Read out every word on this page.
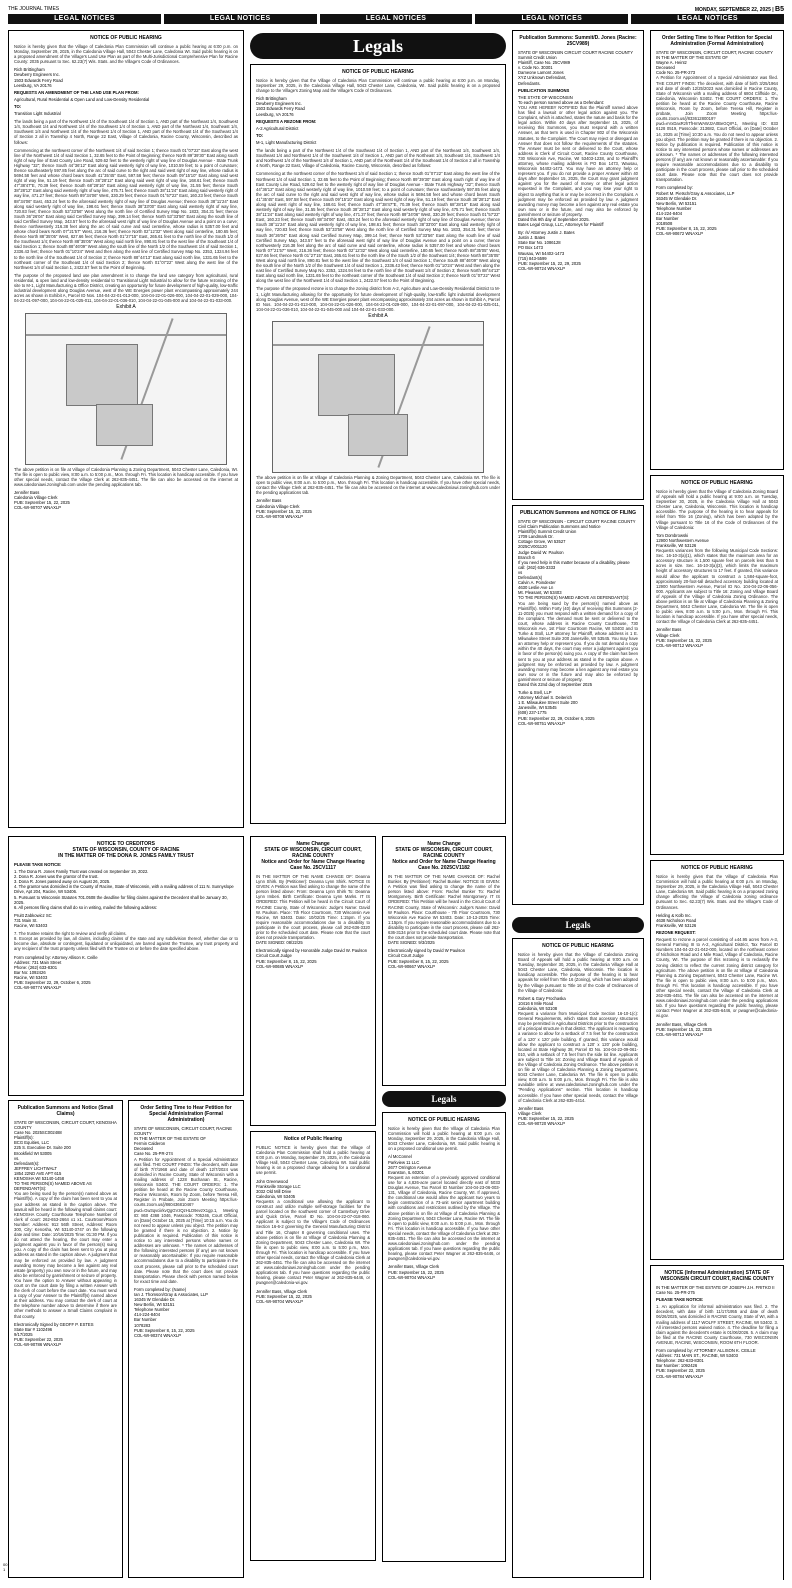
THE JOURNAL TIMES	MONDAY, SEPTEMBER 22, 2025 | B5
LEGAL NOTICES	LEGAL NOTICES	LEGAL NOTICES	LEGAL NOTICES	LEGAL NOTICES
NOTICE OF PUBLIC HEARING
Notice is hereby given that the Village of Caledonia Plan Commission will continue a public hearing at 6:00 p.m. on Monday, September 29, 2025, in the Caledonia Village Hall, 5043 Chester Lane, Caledonia WI. Said public hearing is on a proposed amendment of the Village's Land Use Plan as part of the Multi-Jurisdictional Comprehensive Plan for Racine County: 2035 pursuant to Sec. 62.23(7) Wis. Stats. and the Village's Code of Ordinances.
Rich Brittingham
Dewberry Engineers Inc.
1503 Edwards Ferry Road
Leesburg, VA 20176
REQUESTS AN AMENDMENT OF THE LAND USE PLAN FROM:
Agricultural, Rural Residential & Open Land and Low-Density Residential
TO:
Transition Light Industrial
The lands being a part of the Northwest 1/4 of the Southeast 1/4 of Section 1, AND part of the Northeast 1/4, Southwest 1/4, Southeast 1/4 and Northwest 1/4 of the Southwest 1/4 of Section 1, AND part of the Northeast 1/4, Southeast 1/4, Southwest 1/4 and Northwest 1/4 of the Northwest 1/4 of Section 1, AND part of the Northeast 1/4 of the Southeast 1/4 of Section 2 all in Township 4 North, Range 22 East, Village of Caledonia, Racine County, Wisconsin, described as follows:
Commencing at the northwest corner of the Northwest 1/4 of said Section 1; thence South 01°07'22" East along the west line of the Northwest 1/4 of said Section 1, 32.65 feet to the Point of Beginning; thence North 89°39'30" East along south right of way line of East County Line Road, 529.62 feet to the westerly right of way line of Douglas Avenue - State Trunk Highway "32"; thence South 44°36'12" East along said westerly right of way line, 1010.59 feet; to a point of curvature; thence southeasterly 597.85 feet along the arc of said curve to the right and said west right of way line, whose radius is 5694.58 feet and whose chord bears South 41°35'45" East, 597.58 feet; thence South 09°15'10" East along said west right of way line, 51.19 feet; thence South 38°28'12" East along said west right of way line, 168.61 feet; thence South 47°38'47"E, 70.39 feet; thence South 68°28'16" East along said westerly right of way line, 31.55 feet; thence South 38°28'12" East along said westerly right of way line, 475.71 feet; thence South 38°11'24" East along said westerly right of way line, 471.27 feet; thence North 89°34'06" West, 330.29 feet; thence South 01°57'22" East, 160.23 feet; thence South 88°34'06" East, 453.24 feet to the aforesaid westerly right of way line of Douglas Avenue; thence South 38°11'24" East along said westerly right of way line, 198.61 feet; thence South 38°33'00" East along said westerly right of way line, 720.83 feet; thence South 53°33'56" West along the north line of Certified Survey Map No. 1833, 354.31 feet; thence South 36°26'04" East along said Certified Survey Map, 399.14 feet; thence North 53°33'56" East along the south line of said Certified Survey Map, 343.57 feet to the aforesaid west right of way line of Douglas Avenue and a point on a curve; thence northwesterly 216.38 feet along the arc of said curve and said centerline, whose radius is 5357.00 feet and whose chord bears North 07°21'57" West, 216.36 feet; thence North 02°12'32" West along said centerline, 180.65 feet; thence North 88°35'05" West, 827.66 feet; thence North 01°27'15" East, 265.61 feet to the north line of the South 1/2 of the Southeast 1/4; thence North 88°35'05" West along said north line, 890.81 feet to the west line of the Southeast 1/4 of said Section 1; thence South 88°46'09" West along the south line of the North 1/2 of the Southwest 1/4 of said Section 1, 2336.43 feet; thence North 01°10'24" West and then along the east line of Certified Survey Map No. 2353, 1324.94 feet to the north line of the Southeast 1/4 of Section 2; thence North 88°44'13" East along said north line, 1331.65 feet to the northeast corner of the Southeast 1/4 of said Section 2; thence North 01°07'22" West along the west line of the Northwest 1/4 of said Section 1, 2422.57 feet to the Point of Beginning.
The purpose of the proposed land use plan amendment is to change the land use category from agricultural, rural residential, & open land and low-density residential to Transitional Light Industrial to allow for the future rezoning of the site to M-1, Light Manufacturing & Office District, creating an opportunity for future development of high-quality, low-traffic industrial development along Douglas Avenue, west of the WE Energies power plant encompassing approximately 244 acres as shown in Exhibit A, Parcel ID Nos. 104-04-22-01-013-000, 104-04-22-01-026-000, 104-04-22-01-029-000, 104-04-22-01-097-000, 104-04-22-01-025-011, 104-04-22-01-036-010, 104-04-22-01-045-000 and 104-04-22-01-033-000.
Exhibit A
The above petition is on file at Village of Caledonia Planning & Zoning Department, 5043 Chester Lane, Caledonia, WI. The file is open to public view, 8:00 a.m. to 5:00 p.m., Mon. through Fri. This location is handicap accessible. If you have other special needs, contact the Village Clerk at 262-835-4451. The file can also be accessed on the internet at www.caledoniawi.zoninghub.com under the pending applications tab.
Jennifer Bass
Caledonia Village Clerk
PUB: September 15, 22, 2025
COL-WI-90707 WNAXLP
Legals
NOTICE OF PUBLIC HEARING
Notice is hereby given that the Village of Caledonia Plan Commission will continue a public hearing at 6:00 p.m. on Monday, September 29, 2025, in the Caledonia Village Hall, 5043 Chester Lane, Caledonia, WI. Said public hearing is on a proposed change to the Village's Zoning Map and the Village's Code of Ordinances.
Rich Brittingham
Dewberry Engineers Inc.
1503 Edwards Ferry Road
Leesburg, VA 20176
REQUESTS A REZONE FROM:
A-2 Agricultural District
TO:
M-1, Light Manufacturing District
The lands being a part of the Northwest 1/4 of the Southeast 1/4 of Section 1, AND part of the Northeast 1/4, Southwest 1/4, Southeast 1/4 and Northwest 1/4 of the Southwest 1/4 of Section 1, AND part of the Northeast 1/4, Southeast 1/4, Southwest 1/4 and Northwest 1/4 of the Northwest 1/4 of Section 1, AND part of the Northeast 1/4 of the Southeast 1/4 of Section 2 all in Township 4 North, Range 22 East, Village of Caledonia, Racine County, Wisconsin, described as follows:
Commencing at the northwest corner of the Northwest 1/4 of said Section 1; thence South 01°07'22" East along the west line of the Northwest 1/4 of said Section 1, 32.65 feet to the Point of Beginning; thence North 89°39'30" East along south right of way line of East County Line Road, 529.62 feet to the westerly right of way line of Douglas Avenue - State Trunk Highway "32"; thence South 44°36'12" East along said westerly right of way line, 1010.59 feet; to a point of curvature; thence southeasterly 597.85 feet along the arc of said curve to the right and said west right of way line, whose radius is 5694.58 feet and whose chord bears South 41°35'45" East, 597.58 feet; thence South 09°15'10" East along said west right of way line, 51.19 feet; thence South 38°28'12" East along said west right of way line, 168.61 feet; thence South 47°38'47"E, 70.39 feet; thence South 68°28'16" East along said westerly right of way line, 31.55 feet; thence South 38°28'12" East along said westerly right of way line, 475.71 feet; thence South 38°11'24" East along said westerly right of way line, 471.27 feet; thence North 89°34'06" West, 330.29 feet; thence South 01°57'22" East, 160.23 feet; thence South 88°34'06" East, 453.24 feet to the aforesaid westerly right of way line of Douglas Avenue; thence South 38°11'24" East along said westerly right of way line, 198.61 feet; thence South 38°33'00" East along said westerly right of way line, 720.83 feet; thence South 53°33'56" West along the north line of Certified Survey Map No. 1833, 354.31 feet; thence South 36°26'04" East along said Certified Survey Map, 399.14 feet; thence North 53°33'56" East along the south line of said Certified Survey Map, 343.57 feet to the aforesaid west right of way line of Douglas Avenue and a point on a curve; thence northwesterly 216.38 feet along the arc of said curve and said centerline, whose radius is 5357.00 feet and whose chord bears North 07°21'57" West, 216.36 feet; thence North 02°12'32" West along said centerline, 180.65 feet; thence North 88°35'05" West, 827.66 feet; thence North 01°27'15" East, 265.61 feet to the north line of the South 1/2 of the Southeast 1/4; thence North 88°35'05" West along said north line, 890.81 feet to the west line of the Southeast 1/4 of said Section 1; thence South 88°46'09" West along the south line of the North 1/2 of the Southwest 1/4 of said Section 1, 2336.43 feet; thence North 01°10'24" West and then along the east line of Certified Survey Map No. 2353, 1324.94 feet to the north line of the Southeast 1/4 of Section 2; thence North 88°44'13" East along said north line, 1331.65 feet to the northeast corner of the Southeast 1/4 of said Section 2; thence North 01°07'22" West along the west line of the Northwest 1/4 of said Section 1, 2422.57 feet to the Point of Beginning.
The purpose of the proposed rezone is to change the zoning district from A-2, Agriculture and Low-Density Residential District to M-1, Light Manufacturing allowing for the opportunity for future development of high-quality, low-traffic light industrial development along Douglas Avenue, west of the WE Energies power plant encompassing approximately 244 acres as shown in Exhibit A, Parcel ID Nos. 104-04-22-01-013-000, 104-04-22-01-026-000, 104-04-22-01-029-000, 104-04-22-01-097-000, 104-04-22-01-025-011, 104-04-22-01-036-010, 104-04-22-01-045-000 and 104-04-22-01-033-000.
Exhibit A
The above petition is on file at Village of Caledonia Planning & Zoning Department, 5043 Chester Lane, Caledonia WI. The file is open to public view, 8:00 a.m. to 5:00 p.m., Mon. through Fri. This location is handicap accessible. If you have other special needs, contact the Village Clerk at 262-835-4451. The file can also be accessed on the internet at www.caledoniawi.zoninghub.com under the pending applications tab.
Jennifer Bass
Caledonia Village Clerk
PUB: September 15, 22, 2025
COL-WI-90708 WNAXLP
Publication Summons: Summit/D. Jones (Racine: 25CV989)
STATE OF WISCONSIN CIRCUIT COURT RACINE COUNTY
Summit Credit Union
Plaintiff, Case No. 25CV989
v. Code No. 30301
Dameone Lamont Jones
XYZ Unknown Defendant,
Defendants.
PUBLICATION SUMMONS
THE STATE OF WISCONSIN
To each person named above as a Defendant:
YOU ARE HEREBY NOTIFIED that the Plaintiff named above has filed a lawsuit or other legal action against you. The Complaint, which is attached, states the nature and basis for the legal action. Within 40 days after September 15, 2025, of receiving this Summons, you must respond with a written Answer, as that term is used in Chapter 802 of the Wisconsin Statutes, to the Complaint. The Court may reject or disregard an Answer that does not follow the requirements of the statutes. The Answer must be sent or delivered to the Court, whose address is Clerk of Circuit Court, Racine County Courthouse, 730 Wisconsin Ave, Racine, WI 53403-1238, and to Plaintiff's attorney, whose mailing address is PO Box 1473, Wausau, Wisconsin 54402-1473. You may have an attorney help or represent you. If you do not provide a proper Answer within 40 days after September 15, 2025, the Court may grant judgment against you for the award of money or other legal action requested in the Complaint, and you may lose your right to object to anything that is or may be incorrect in the Complaint. A judgment may be enforced as provided by law. A judgment awarding money may become a lien against any real estate you own now or in the future, and may also be enforced by garnishment or seizure of property.
Dated this 9th day of September 2025.
Bates Legal Group, LLC, Attorneys for Plaintiff
By: /s/ Attorney Justin J. Bates
Justin J. Bates
State Bar No. 1086128
PO Box 1473
Wausau, WI 54402-1473
(715) 843-5599
PUB: September 15, 22, 29, 2025
COL-WI-90724 WNAXLP
PUBLICATION Summons and NOTICE OF FILING
STATE OF WISCONSIN - CIRCUIT COURT RACINE COUNTY
Civil Claim Publication Summons and Notice
Plaintiff(s) Summit Credit Union
1709 Landmark Dr.
Cottage Grove, WI 53527
2025CV001120
Judge David W. Paulson
Branch 6
If you need help in this matter because of a disability, please call: (262) 636-3333
vs
Defendant(s)
Calvin A. Poindexter
4630 Leslie Ave Ln
Mt. Pleasant, WI 53403
TO THE PERSON(S) NAMED ABOVE AS DEFENDANT(S):
You are being sued by the person(s) named above as Plaintiff(s). Within Forty (40) days of receiving this Summons (2-11-2025) you must respond with a written demand for a copy of the complaint. The demand must be sent or delivered to the court, whose address is Racine County Courthouse, 730 Wisconsin Ave, 1st Floor Courtroom Racine, WI 53403 and to Turke & Stoll, LLP attorney for Plaintiff, whose address is 1 E. Milwaukee Street Suite 200 Janesville, WI 53545. You may have an attorney help or represent you. If you do not demand a copy within the 40 days, the court may enter a judgment against you in favor of the person(s) suing you. A copy of the claim has been sent to you at your address as stated in the caption above. A judgment may be enforced as provided by law. A judgment awarding money may become a lien against any real estate you own now or in the future and may also be enforced by garnishment or seizure of property.
Dated this 22nd day of September 2025
Turke & Stell, LLP
Attorney Michael S. Deiterich
1 E. Milwaukee Street Suite 200
Janesville, WI 53545
(608) 237-1775
PUB: September 22, 29, October 6, 2025
COL-WI-90751 WNAXLP
Order Setting Time to Hear Petition for Special Administration (Formal Administration)
STATE OF WISCONSIN, CIRCUIT COURT, RACINE COUNTY
IN THE MATTER OF THE ESTATE OF
Wayne A. Heintz
Deceased
Code No. 25-PR-273
A Petition for Appointment of a Special Administrator was filed. THE COURT FINDS: The decedent, with date of birth 3/25/1964 and date of death 12/25/2023 was domiciled in Racine County, State of Wisconsin with a mailing address of 6804 Cliffside Dr., Caledonia, Wisconsin 53402. THE COURT ORDERS: 1. The petition be heard at the Racine County Courthouse, Racine Wisconsin, Room by Zoom, before Teresa Hill, Register in probate, Join Zoom Meeting https://us-courts.zoom.us/j/83361280019?pwd=eVxDaxRzhTfHmWAWJzA0BeGQrP.1, Meeting ID: 833 6128 0519, Passcode: 213682, Court Official, on [Date] October 14, 2025 at [Time] 10:30 a.m. You do not need to appear unless you object. The petition may be granted if there is no objection. 2. Notice by publication is required. Publication of this notice is notice to any interested persons whose names or addresses are unknown. * The names or addresses of the following interested persons (if any) are not known or reasonably ascertainable: If you require reasonable accommodations due to a disability to participate in the court process, please call prior to the scheduled court date. Please note that the court does not provide transportation.
Form completed by:
Robert M. Pietsch/Gray & Associates, LLP
16345 W Glendale Dr.
New Berlin, WI 53151
Telephone Number
414-224-8404
Bar Number
1018508
PUB: September 8, 15, 22, 2025
COL-WI-90672 WNAXLP
NOTICE OF PUBLIC HEARING
Notice is hereby given that the Village of Caledonia Zoning Board of Appeals will hold a public hearing at 9:00 a.m. on Tuesday, September 30, 2025, in the Caledonia Village Hall at 5043 Chester Lane, Caledonia, Wisconsin. This location is handicap accessible. The purpose of the hearing is to hear appeals for relief from Title 16 (Zoning), which has been adopted by the Village pursuant to Title 16 of the Code of Ordinances of the Village of Caledonia:
Tom Dombrowski
12900 Northwestern Avenue
Franksville, WI 53126
Requests variances from the following Municipal Code Sections: Sec. 16-10-3(a)(1), which states that the maximum area for an accessory structure is 1,500 square feet on parcels less than 5 acres in size. Sec. 16-10-3(a)(3), which limits the maximum height of accessory structures to 17 feet. If granted, this variance would allow the applicant to construct a 1,584-square-foot, approximately 20-foot-tall detached accessory building located at 12900 Northwestern Avenue, Parcel ID No. 104-04-22-06-056-000. Applicants are subject to Title 16: Zoning and Village Board of Appeals of the Village of Caledonia Zoning Ordinance. The above petition is on file at Village of Caledonia Planning & Zoning Department, 5043 Chester Lane, Caledonia WI. The file is open to public view, 8:00 a.m. to 5:00 p.m., Mon. through Fri. This location is handicap accessible. If you have other special needs, contact the Village of Caledonia Clerk at 262-835-4451.
Jennifer Bass
Village Clerk
PUB: September 15, 22, 2025
COL-WI-90712 WNAXLP
NOTICE OF PUBLIC HEARING
Notice is hereby given that the Village of Caledonia Plan Commission will hold a public hearing at 6:00 p.m. on Monday, September 29, 2025, in the Caledonia Village Hall, 5043 Chester Lane, Caledonia WI. Said public hearing is on a proposed zoning change affecting the Village of Caledonia zoning ordinance pursuant to Sec. 62.23(7) Wis. Stats. and the Village's Code of Ordinances.
Helding & Kolb Inc.
4638 Nicholson Road
Franksville, WI 53126
REZONE REQUEST:
Request to rezone a parcel consisting of ±44.95 acres from A-3, General Farming III to A-2, Agricultural District, Tax Parcel ID Numbers 104-04-22-21-042-000, located on the northeast corner of Nicholson Road and 4 Mile Road, Village of Caledonia, Racine County, WI. The purpose of this rezoning is to reclassify the zoning district to reflect the current zoning district category for agriculture. The above petition is on file at Village of Caledonia Planning & Zoning Department, 5043 Chester Lane, Racine WI. The file is open to public view, 8:00 a.m. to 5:00 p.m., Mon. through Fri. This location is handicap accessible. If you have other special needs, contact the Village of Caledonia Clerk at 262-835-4451. The file can also be accessed on the internet at www.caledoniawi.zoninghub.com under the pending applications tab. If you have questions regarding the public hearing, please contact Peter Wagner at 262-835-6446, or pwagner@caledonia-wi.gov.
Jennifer Bass, Village Clerk
PUB: September 15, 22, 2025
COL-WI-90713 WNAXLP
NOTICE (Informal Administration) STATE OF WISCONSIN CIRCUIT COURT, RACINE COUNTY
IN THE MATTER OF THE ESTATE OF JOSEPH J.H. FRITKO II
Case No. 25-PR-275
PLEASE TAKE NOTICE:
1. An application for informal administration was filed. 2. The decedent, with date of birth 11/17/1955 and date of death 06/26/2025, was domiciled in RACINE County, State of WI, with a mailing address of 1117 WOLFF STREET, RACINE, WI 53402. 3. All interested persons waived notice. 4. The deadline for filing a claim against the decedent's estate is 01/06/2026. 5. A claim may be filed at the RACINE County Courthouse, 730 WISCONSIN AVENUE, RACINE, WISCONSIN, ROOM 6TH FLOOR.
Form completed by: ATTORNEY ALLISON K. CEILLE
Address: 731 MAIN ST., RACINE, WI 53403
Telephone: 262-633-8301
Bar Number: 1092426
PUB: September 22, 2025
COL-WI-90784 WNAXLP
NOTICE TO CREDITORS
STATE OF WISCONSIN, COUNTY OF RACINE
IN THE MATTER OF THE DONA R. JONES FAMILY TRUST
PLEASE TAKE NOTICE:
1. The Dona R. Jones Family Trust was created on September 19, 2022.
2. Dona R. Jones was the grantor of the trust.
3. Dona R. Jones passed away on August 26, 2025.
4. The grantor was domiciled in the County of Racine, State of Wisconsin, with a mailing address of 111 N. Sunnyslope Drive, Apt 204, Racine, WI 53406.
5. Pursuant to Wisconsin Statutes 701.0508 the deadline for filing claims against the Decedent shall be January 30, 2025.
6. All persons filing claims shall do so in writing, mailed the following address:
Pruitt Zabkowicz SC
731 Main St.
Racine, WI 53403
7. The trustee retains the right to review and verify all claims.
8. Except as provided by law, all claims, including claims of the state and any subdivision thereof, whether due or to become due, absolute or contingent, liquidated or unliquidated, are barred against the Trustee, any trust property and any recipient of the trust property unless filed with the Trustee on or before the date specified above.
Form completed by: Attorney Allison K. Ceille
Address: 731 Main Street
Phone: (262) 633-8301
Bar No: 1092426
Racine, WI 53403
PUB: September 22, 29, October 6, 2025
COL-WI-90774 WNAXLP
Name Change
STATE OF WISCONSIN, CIRCUIT COURT, RACINE COUNTY
Notice and Order for Name Change Hearing
Case No. 25CV1117
IN THE MATTER OF THE NAME CHANGE OF: Deanna Lynn Shirk. By (Petitioner): Deanna Lynn Shirk. NOTICE IS GIVEN: A Petition was filed asking to change the name of the person listed above: From: Deanna Lynn Shirk To: Deanna Lynn Imberi. Birth Certificate: Deanna Lynn Marks. IT IS ORDERED: This Petition will be heard in the Circuit Court of RACINE County, State of Wisconsin: Judge's Name: David W. Paulson. Place: 7th Floor Courtroom, 730 Wisconsin Ave Racine, WI 53403. Date: 10/02/25 Time: 1:15pm. If you require reasonable accommodations due to a disability to participate in the court process, please call 262-636-3320 prior to the scheduled court date. Please note that the court does not provide transportation.
DATE SIGNED: 08/22/25
Electronically signed by Honorable Judge David W. Paulson
Circuit Court Judge
PUB: September 8, 15, 22, 2025
COL-WI-90685 WNAXLP
Notice of Public Hearing
PUBLIC NOTICE is hereby given that the Village of Caledonia Plan Commission shall hold a public hearing at 6:00 p.m. on Monday, September 29, 2025, in the Caledonia Village Hall, 5043 Chester Lane, Caledonia WI. Said public hearing is on a proposed change allowing for a conditional use permit.
John Greenwood
Franksville Storage LLC
3032 Old Mill Drive
Caledonia, WI 53405
Requests a conditional use allowing the applicant to construct and utilize multiple self-storage facilities for the parcel located on the southwest corner of Canterbury Drive and Quick Drive, Parcel ID No. 104-04-22-07-018-060. Applicant is subject to the Village's Code of Ordinances Section 16-6-2 governing the General Manufacturing District and Title 16, Chapter 8 governing conditional uses. The above petition is on file at Village of Caledonia Planning & Zoning Department, 5043 Chester Lane, Caledonia WI. The file is open to public view, 8:00 a.m. to 5:00 p.m., Mon. through Fri. This location is handicap accessible. If you have other special needs, contact the Village of Caledonia Clerk at 262-835-4451. The file can also be accessed on the internet at www.caledoniawi.zoninghub.com under the pending applications tab. If you have questions regarding the public hearing, please contact Peter Wagner at 262-835-6446, or pwagner@caledonia-wi.gov.
Jennifer Bass, Village Clerk
PUB: September 15, 22, 2025
COL-WI-90704 WNAXLP
Name Change
STATE OF WISCONSIN, CIRCUIT COURT, RACINE COUNTY
Notice and Order for Name Change Hearing
Case No. 2025CV1182
IN THE MATTER OF THE NAME CHANGE OF: Rachel Bunker. By (Petitioner): Rachel Bunker. NOTICE IS GIVEN: A Petition was filed asking to change the name of the person listed above: From: Rachel Bunker To: Rachel Montgomery. Birth Certificate: Rachel Montgomery. IT IS ORDERED: This Petition will be heard in the Circuit Court of RACINE County, State of Wisconsin: Judge's Name: David W Paulson. Place: Courthouse - 7th Floor Courtroom, 730 Wisconsin Ave Racine WI 53403. Date: 10-13-2025 Time: 1:15pm. If you require reasonable accommodations due to a disability to participate in the court process, please call 262-636-3134 prior to the scheduled court date. Please note that the court does not provide transportation.
DATE SIGNED: 9/3/2025
Electronically signed by David W Paulson
Circuit Court Judge
PUB: September 8, 15, 22, 2025
COL-WI-90667 WNAXLP
Legals
NOTICE OF PUBLIC HEARING
Notice is hereby given that the Village of Caledonia Plan Commission will hold a public hearing at 6:00 p.m. on Monday, September 29, 2025, in the Caledonia Village Hall, 5043 Chester Lane, Caledonia, WI. Said public hearing is on a proposed conditional use permit.
Al McConnel
Parkview 11 LLC
2677 Orrington Avenue
Evanston, IL 60201
Request an extension of a previously approved conditional use for a 4,826-acre parcel located directly east of 5033 Douglas Avenue, Tax Parcel ID Number 104-04-23-06-003-131, Village of Caledonia, Racine County, WI. If approved, the conditional use would allow the applicant two years to begin construction of a 73-unit senior apartment building with conditions and restrictions outlined by the Village. The above petition is on file at Village of Caledonia Planning & Zoning Department, 5043 Chester Lane, Racine WI. The file is open to public view, 8:00 a.m. to 5:00 p.m., Mon. through Fri. This location is handicap accessible. If you have other special needs, contact the Village of Caledonia Clerk at 262-835-4451. The file can also be accessed on the internet at www.caledoniawi.zoninghub.com under the pending applications tab. If you have questions regarding the public hearing, please contact Peter Wagner at 262-835-6446, or pwagner@caledonia-wi.gov.
Jennifer Bass, Village Clerk
PUB: September 15, 22, 2025
COL-WI-90704 WNAXLP
Legals
NOTICE OF PUBLIC HEARING
Notice is hereby given that the Village of Caledonia Zoning Board of Appeals will hold a public hearing at 9:00 a.m. on Tuesday, September 30, 2025, in the Caledonia Village Hall at 5043 Chester Lane, Caledonia, Wisconsin. The location is handicap accessible. The purpose of the hearing is to hear appeals for relief from Title 16 (Zoning), which has been adopted by the Village pursuant to Title 16 of the Code of Ordinances of the Village of Caledonia:
Robert & Gary Prochaska
10416 6 Mile Road
Caledonia, WI 53108
Request a variance from Municipal Code Section 16-10-1(c): General Requirements, which states that accessory structures may be permitted in Agricultural Districts prior to the construction of a principal structure in that district. The applicant is requesting a variance to allow for a setback of 7.5 feet for the construction of a 120' x 120' pole building. If granted, this variance would allow the applicant to construct a 120' x 120' pole building, located at State Highway 38, Parcel ID No. 104-04-22-09-061-010, with a setback of 7.5 feet from the side lot line. Applicants are subject to Title 16: Zoning and Village Board of Appeals of the Village of Caledonia Zoning Ordinance. The above petition is on file at Village of Caledonia Planning & Zoning Department, 5043 Chester Lane, Caledonia WI. The file is open to public view, 8:00 a.m. to 5:00 p.m., Mon. through Fri. The file is also available online at www.caledoniawi.zoninghub.com under the "Pending Applications" section. This location is handicap accessible. If you have other special needs, contact the Village of Caledonia Clerk at 262-835-4414.
Jennifer Bass
Village Clerk
PUB: September 15, 22, 2025
COL-WI-90720 WNAXLP
Publication Summons and Notice (Small Claims)
STATE OF WISCONSIN, CIRCUIT COURT, KENOSHA COUNTY
Case No. 2025SC002488
Plaintiff(s):
BCG Equities, LLC
225 S. Executive Dr. Suite 200
Brookfield WI 53005
vs.
Defendant(s):
JEFFREY LICHTWALT
1854 22ND AVE APT 615
KENOSHA WI 53140-1458
TO THE PERSON(S) NAMED ABOVE AS DEFENDANT(S):
You are being sued by the person(s) named above as Plaintiff(s). A copy of the claim has been sent to you at your address as stated in the caption above. The lawsuit will be heard in the following small claims court: KENOSHA County Courthouse Telephone Number of clerk of court: 262-653-2664 x1 x1. Courtroom/Room Number: Address: 912 56th Street, Address: Room 300, City: Kenosha, WI 53140-3747 on the following date and time: Date: 10/16/2025 Time: 01:30 PM. If you do not attend the hearing, the court may enter a judgment against you in favor of the person(s) suing you. A copy of the claim has been sent to you at your address as stated in the caption above. A judgment that may be enforced as provided by law. A judgment awarding money may become a lien against any real estate (property) you own now or in the future, and may also be enforced by garnishment or seizure of property. You have the option to Answer without appearing in court on the court date by filing a written Answer with the clerk of court before the court date. You must send a copy of your Answer to the Plaintiff(s) named above at their address. You may contact the clerk of court at the telephone number above to determine if there are other methods to answer a Small Claims complaint in that county.
Electronically Signed by GEOFF P. ESTES
State Bar # 1102496
9/17/2025
PUB: September 22, 2025
COL-WI-90786 WNAXLP
Order Setting Time to Hear Petition for Special Administration (Formal Administration)
STATE OF WISCONSIN, CIRCUIT COURT, RACINE COUNTY
IN THE MATTER OF THE ESTATE OF
Fermin Calderon
Deceased
Case No. 25-PR-274
A Petition for Appointment of a Special Administrator was filed. THE COURT FINDS: The decedent, with date of birth 7/7/1968 and date of death 12/7/2024 was domiciled in Racine County, State of Wisconsin with a mailing address of 1228 Buchanan St., Racine, Wisconsin 53402. THE COURT ORDERS: 1. The petition be heard at the Racine County Courthouse, Racine Wisconsin, Room by Zoom, before Teresa Hill, Register in Probate, Join Zoom Meeting https://us-courts.zoom.us/j/86043681046?pwd=Gw3qvciirkvQgGVzQzHLD9evzX1gp.1, Meeting ID: 860 4368 1046, Passcode: 705246, Court Official, on [Date] October 15, 2025 at [Time] 10:15 a.m. You do not need to appear unless you object. The petition may be granted if there is no objection. 2. Notice by publication is required. Publication of this notice is notice to any interested persons whose names or addresses are unknown. * The names or addresses of the following interested persons (if any) are not known or reasonably ascertainable: If you require reasonable accommodations due to a disability to participate in the court process, please call prior to the scheduled court date. Please note that the court does not provide transportation. Please check with person named below for exact time and date.
Form completed by: (Name)
Ian J. Thomson/Gray & Associates, LLP
16345 W Glendale Dr.
New Berlin, WI 53151
Telephone Number
414-224-8404
Bar Number
1078283
PUB: September 8, 15, 22, 2025
COL-WI-90374 WNAXLP
00
1
